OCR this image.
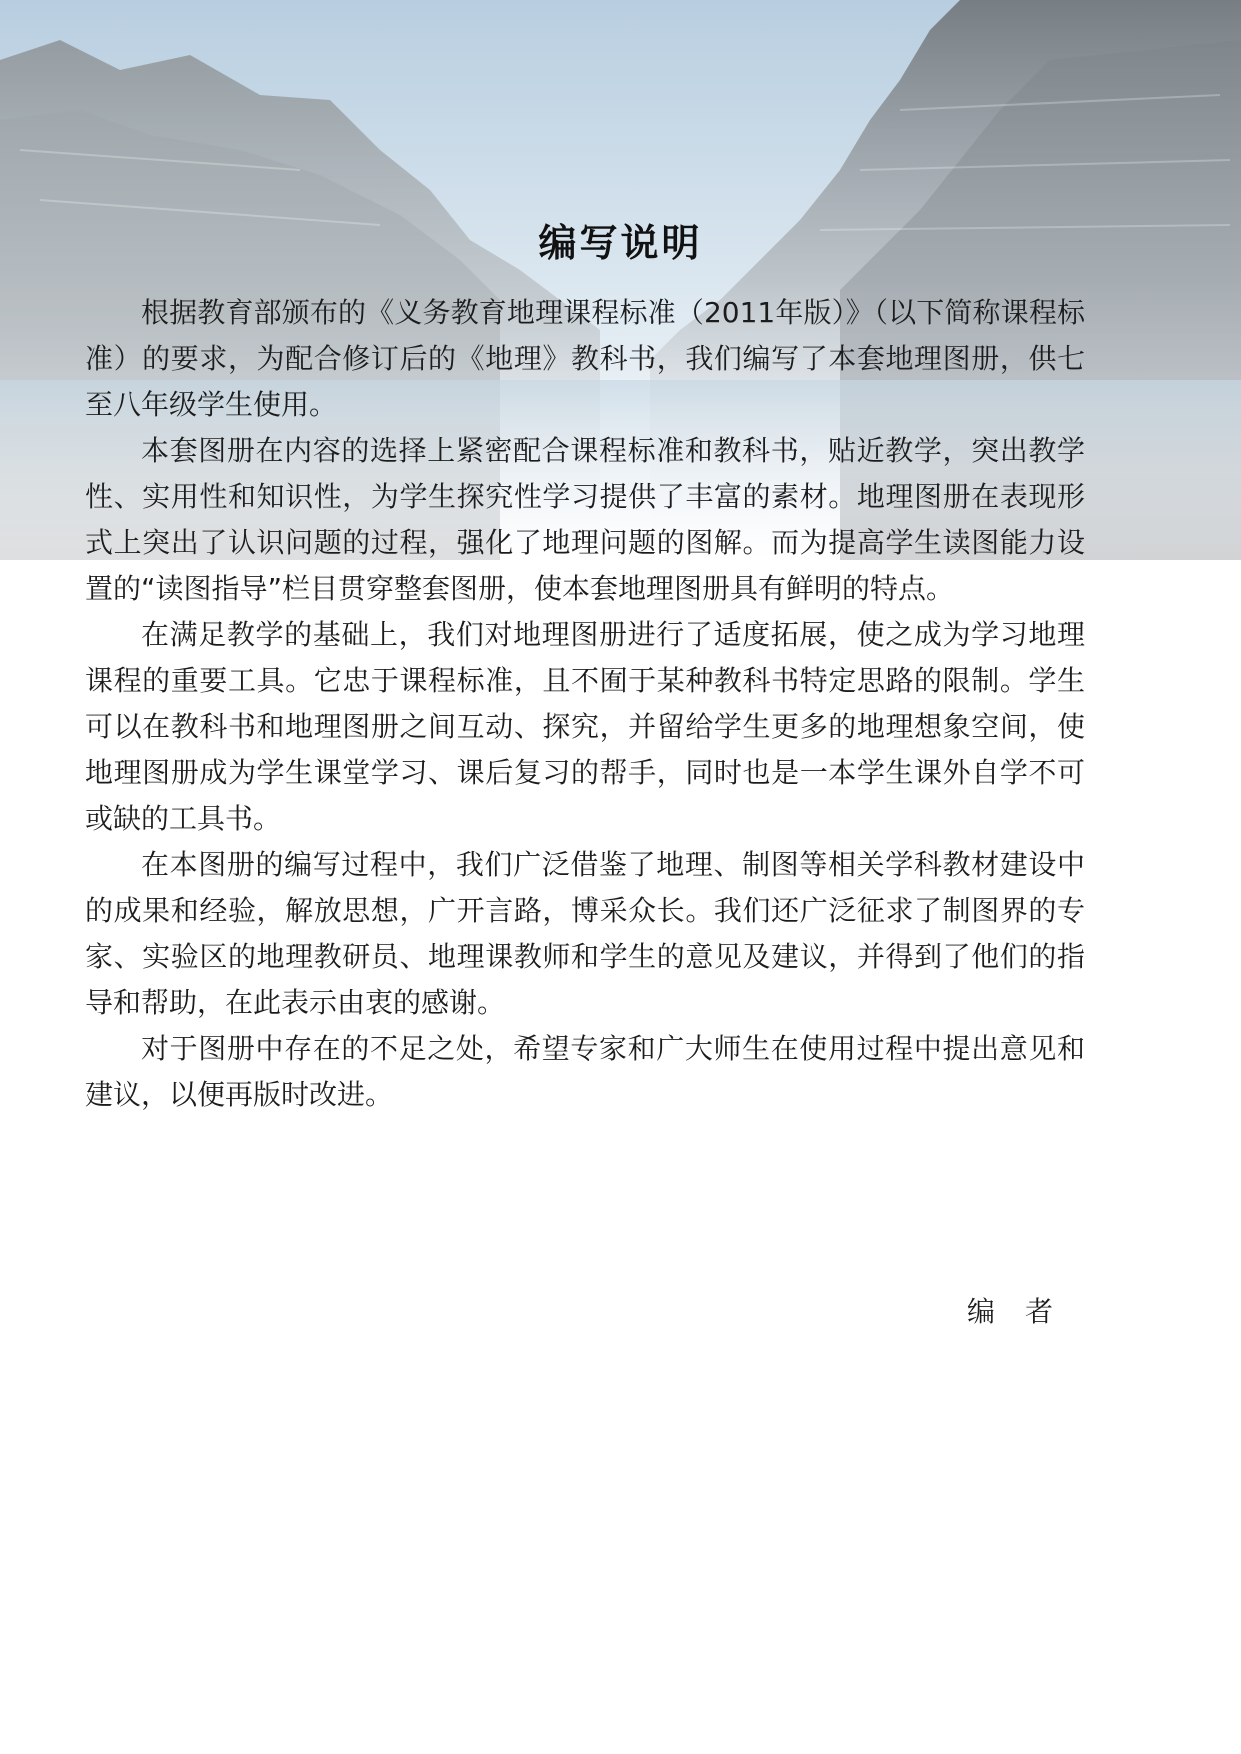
编写说明

根据教育部颁布的《义务教育地理课程标准（2011年版）》（以下简称课程标准）的要求，为配合修订后的《地理》教科书，我们编写了本套地理图册，供七至八年级学生使用。

本套图册在内容的选择上紧密配合课程标准和教科书，贴近教学，突出教学性、实用性和知识性，为学生探究性学习提供了丰富的素材。地理图册在表现形式上突出了认识问题的过程，强化了地理问题的图解。而为提高学生读图能力设置的“读图指导”栏目贯穿整套图册，使本套地理图册具有鲜明的特点。

在满足教学的基础上，我们对地理图册进行了适度拓展，使之成为学习地理课程的重要工具。它忠于课程标准，且不囿于某种教科书特定思路的限制。学生可以在教科书和地理图册之间互动、探究，并留给学生更多的地理想象空间，使地理图册成为学生课堂学习、课后复习的帮手，同时也是一本学生课外自学不可或缺的工具书。

在本图册的编写过程中，我们广泛借鉴了地理、制图等相关学科教材建设中的成果和经验，解放思想，广开言路，博采众长。我们还广泛征求了制图界的专家、实验区的地理教研员、地理课教师和学生的意见及建议，并得到了他们的指导和帮助，在此表示由衷的感谢。

对于图册中存在的不足之处，希望专家和广大师生在使用过程中提出意见和建议，以便再版时改进。

编者
